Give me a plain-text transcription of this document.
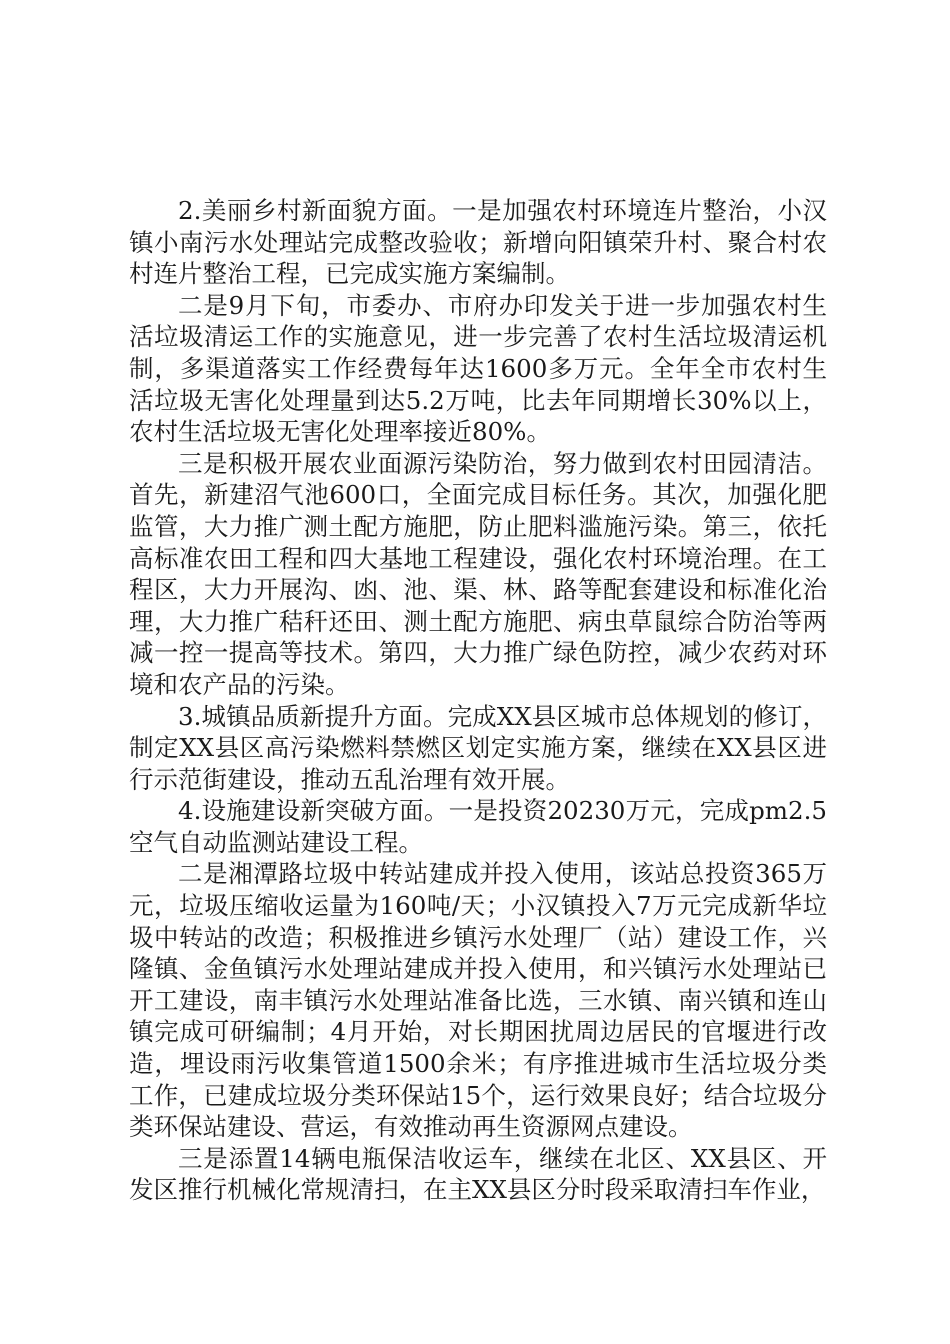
2.美丽乡村新面貌方面。一是加强农村环境连片整治，小汉镇小南污水处理站完成整改验收；新增向阳镇荣升村、聚合村农村连片整治工程，已完成实施方案编制。

二是9月下旬，市委办、市府办印发关于进一步加强农村生活垃圾清运工作的实施意见，进一步完善了农村生活垃圾清运机制，多渠道落实工作经费每年达1600多万元。全年全市农村生活垃圾无害化处理量到达5.2万吨，比去年同期增长30%以上，农村生活垃圾无害化处理率接近80%。

三是积极开展农业面源污染防治，努力做到农村田园清洁。首先，新建沼气池600口，全面完成目标任务。其次，加强化肥监管，大力推广测土配方施肥，防止肥料滥施污染。第三，依托高标准农田工程和四大基地工程建设，强化农村环境治理。在工程区，大力开展沟、凼、池、渠、林、路等配套建设和标准化治理，大力推广秸秆还田、测土配方施肥、病虫草鼠综合防治等两减一控一提高等技术。第四，大力推广绿色防控，减少农药对环境和农产品的污染。

3.城镇品质新提升方面。完成XX县区城市总体规划的修订，制定XX县区高污染燃料禁燃区划定实施方案，继续在XX县区进行示范街建设，推动五乱治理有效开展。

4.设施建设新突破方面。一是投资20230万元，完成pm2.5空气自动监测站建设工程。

二是湘潭路垃圾中转站建成并投入使用，该站总投资365万元，垃圾压缩收运量为160吨/天；小汉镇投入7万元完成新华垃圾中转站的改造；积极推进乡镇污水处理厂（站）建设工作，兴隆镇、金鱼镇污水处理站建成并投入使用，和兴镇污水处理站已开工建设，南丰镇污水处理站准备比选，三水镇、南兴镇和连山镇完成可研编制；4月开始，对长期困扰周边居民的官堰进行改造，埋设雨污收集管道1500余米；有序推进城市生活垃圾分类工作，已建成垃圾分类环保站15个，运行效果良好；结合垃圾分类环保站建设、营运，有效推动再生资源网点建设。

三是添置14辆电瓶保洁收运车，继续在北区、XX县区、开发区推行机械化常规清扫，在主XX县区分时段采取清扫车作业，
